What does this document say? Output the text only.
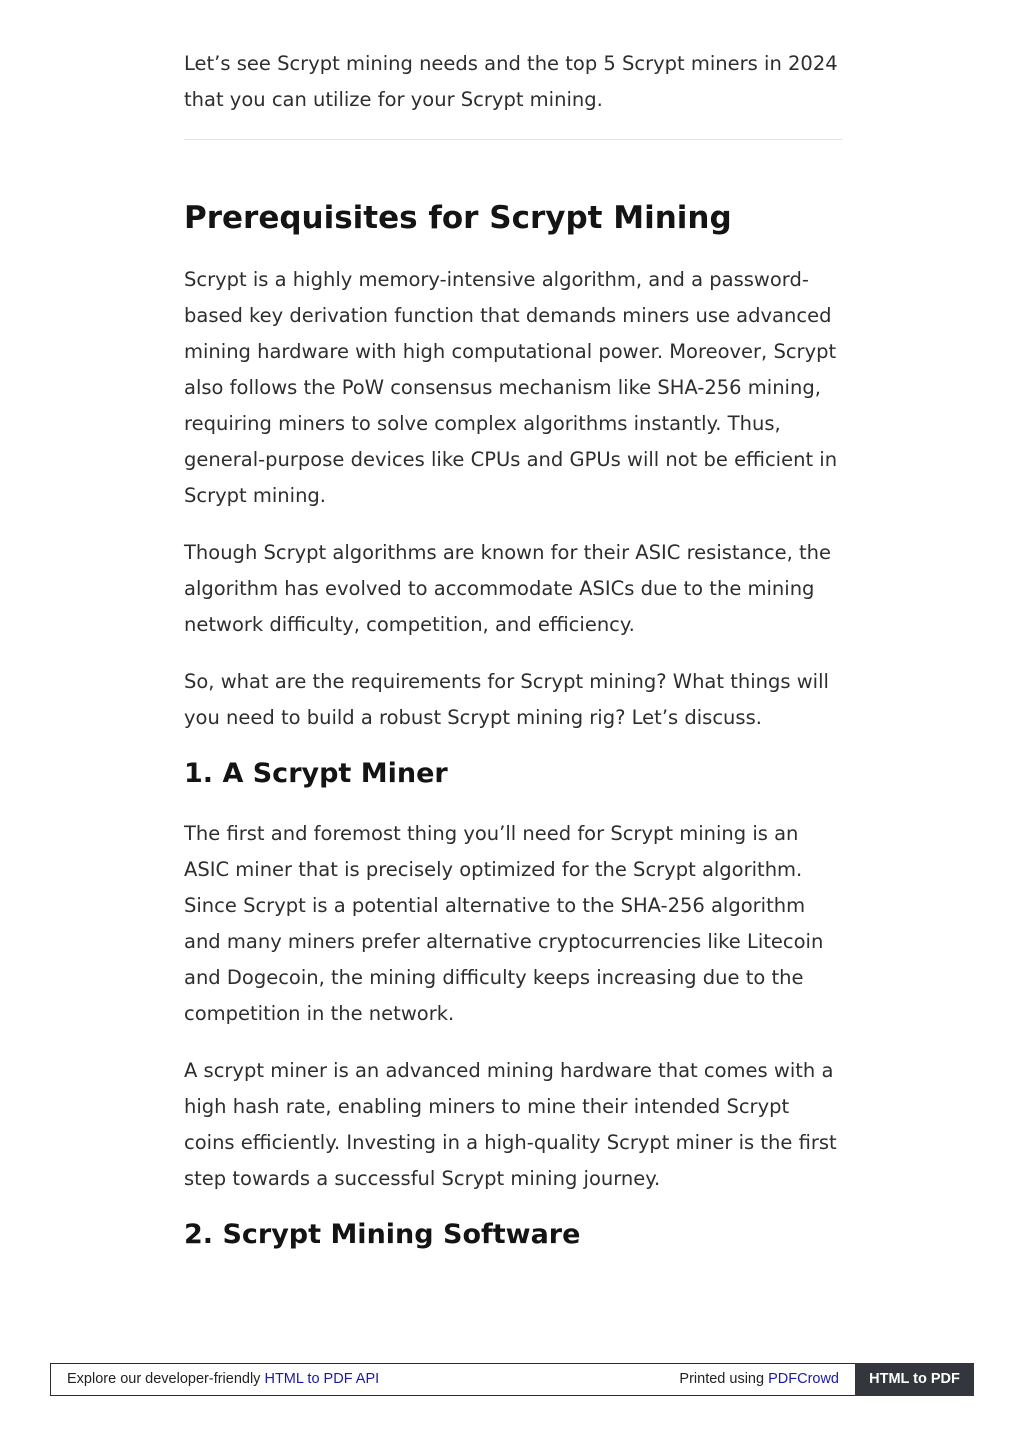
Let’s see Scrypt mining needs and the top 5 Scrypt miners in 2024 that you can utilize for your Scrypt mining.

Prerequisites for Scrypt Mining

Scrypt is a highly memory-intensive algorithm, and a password-based key derivation function that demands miners use advanced mining hardware with high computational power. Moreover, Scrypt also follows the PoW consensus mechanism like SHA-256 mining, requiring miners to solve complex algorithms instantly. Thus, general-purpose devices like CPUs and GPUs will not be efficient in Scrypt mining.

Though Scrypt algorithms are known for their ASIC resistance, the algorithm has evolved to accommodate ASICs due to the mining network difficulty, competition, and efficiency.

So, what are the requirements for Scrypt mining? What things will you need to build a robust Scrypt mining rig? Let’s discuss.

1. A Scrypt Miner

The first and foremost thing you’ll need for Scrypt mining is an ASIC miner that is precisely optimized for the Scrypt algorithm. Since Scrypt is a potential alternative to the SHA-256 algorithm and many miners prefer alternative cryptocurrencies like Litecoin and Dogecoin, the mining difficulty keeps increasing due to the competition in the network.

A scrypt miner is an advanced mining hardware that comes with a high hash rate, enabling miners to mine their intended Scrypt coins efficiently. Investing in a high-quality Scrypt miner is the first step towards a successful Scrypt mining journey.

2. Scrypt Mining Software
Explore our developer-friendly HTML to PDF API	Printed using PDFCrowd	HTML to PDF
